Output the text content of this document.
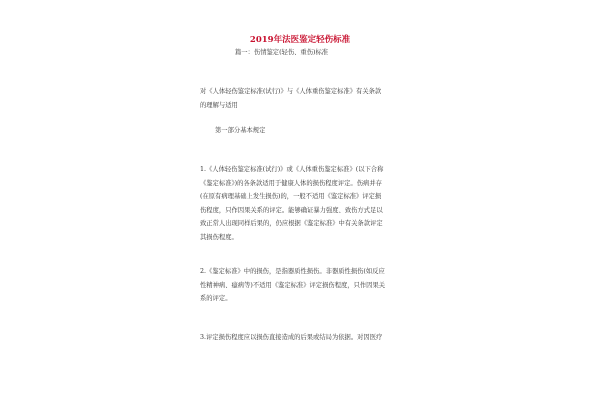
2019年法医鉴定轻伤标准
篇一：伤情鉴定(轻伤、重伤)标准
对《人体轻伤鉴定标准(试行)》与《人体重伤鉴定标准》有关条款
的理解与适用
第一部分基本规定
1.《人体轻伤鉴定标准(试行)》或《人体重伤鉴定标准》(以下合称
《鉴定标准》)的各条款适用于健康人体的损伤程度评定。伤病并存
(在原有病理基础上发生损伤)的，一般不适用《鉴定标准》评定损
伤程度，只作因果关系的评定。能够确证暴力强度、致伤方式足以
致正常人出现同样后果的，仍应根据《鉴定标准》中有关条款评定
其损伤程度。
2.《鉴定标准》中的损伤，是指器质性损伤。非器质性损伤(如反应
性精神病、癔病等)不适用《鉴定标准》评定损伤程度，只作因果关
系的评定。
3.评定损伤程度应以损伤直接造成的后果或结局为依据。对因医疗
